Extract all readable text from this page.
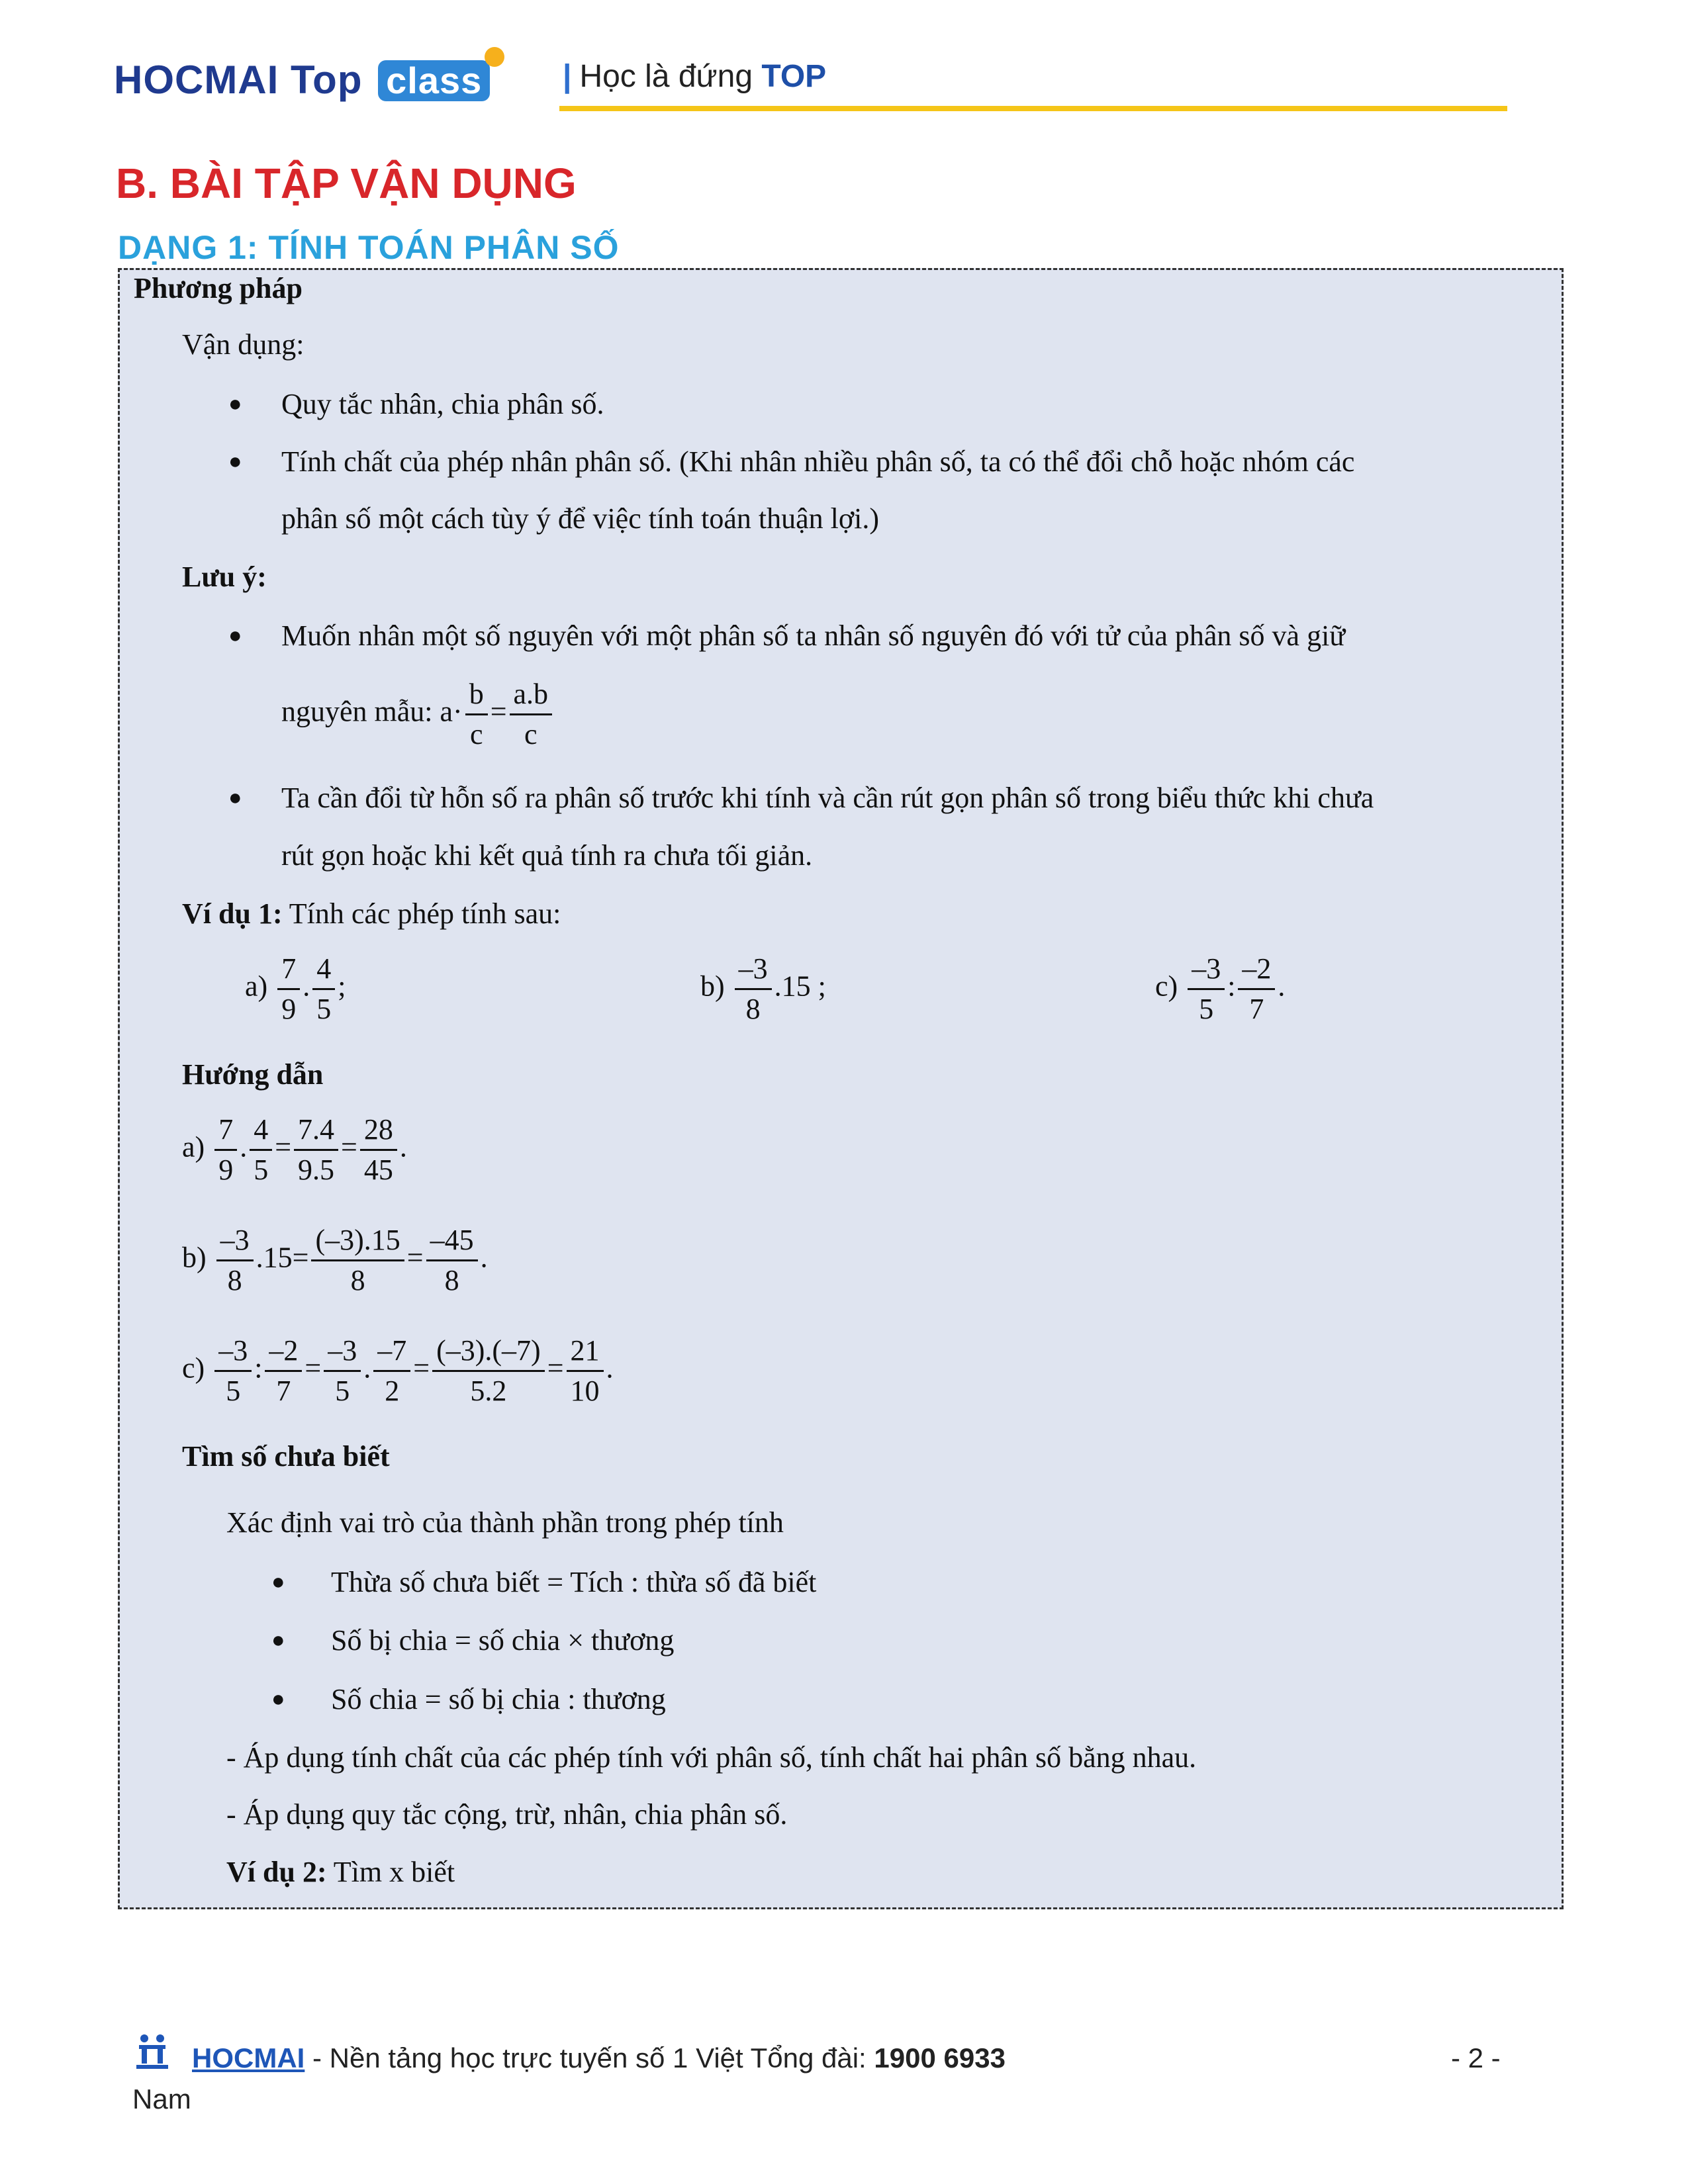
HOCMAI Top class	| Học là đứng TOP
B. BÀI TẬP VẬN DỤNG
DẠNG 1: TÍNH TOÁN PHÂN SỐ
Phương pháp
Vận dụng:
● Quy tắc nhân, chia phân số.
● Tính chất của phép nhân phân số. (Khi nhân nhiều phân số, ta có thể đổi chỗ hoặc nhóm các
phân số một cách tùy ý để việc tính toán thuận lợi.)
Lưu ý:
● Muốn nhân một số nguyên với một phân số ta nhân số nguyên đó với tử của phân số và giữ
nguyên mẫu: $a\cdot \frac{b}{c} = \frac{a.b}{c}$
● Ta cần đổi từ hỗn số ra phân số trước khi tính và cần rút gọn phân số trong biểu thức khi chưa
rút gọn hoặc khi kết quả tính ra chưa tối giản.
Ví dụ 1: Tính các phép tính sau:
$a) \frac{7}{9}$ . $\frac{4}{5}$ ;	$b) \frac{-3}{8} .15$ ;	$c) \frac{-3}{5}$ : $\frac{-2}{7}$ .
Hướng dẫn
$a) \frac{7}{9}$ . $\frac{4}{5} = \frac{7.4}{9.5} = \frac{28}{45}$ .
$b) \frac{-3}{8} .15= \frac{(-3).15}{8} = \frac{-45}{8}$ .
$c) \frac{-3}{5}$ : $\frac{-2}{7} = \frac{-3}{5}$ . $\frac{-7}{2} = \frac{(-3).(-7)}{5.2} = \frac{21}{10}$ .
Tìm số chưa biết
Xác định vai trò của thành phần trong phép tính
● Thừa số chưa biết = Tích : thừa số đã biết
● Số bị chia = số chia × thương
● Số chia = số bị chia : thương
- Áp dụng tính chất của các phép tính với phân số, tính chất hai phân số bằng nhau.
- Áp dụng quy tắc cộng, trừ, nhân, chia phân số.
Ví dụ 2: Tìm x biết
HOCMAI - Nền tảng học trực tuyến số 1 Việt Tổng đài: 1900 6933	- 2 -
Nam
